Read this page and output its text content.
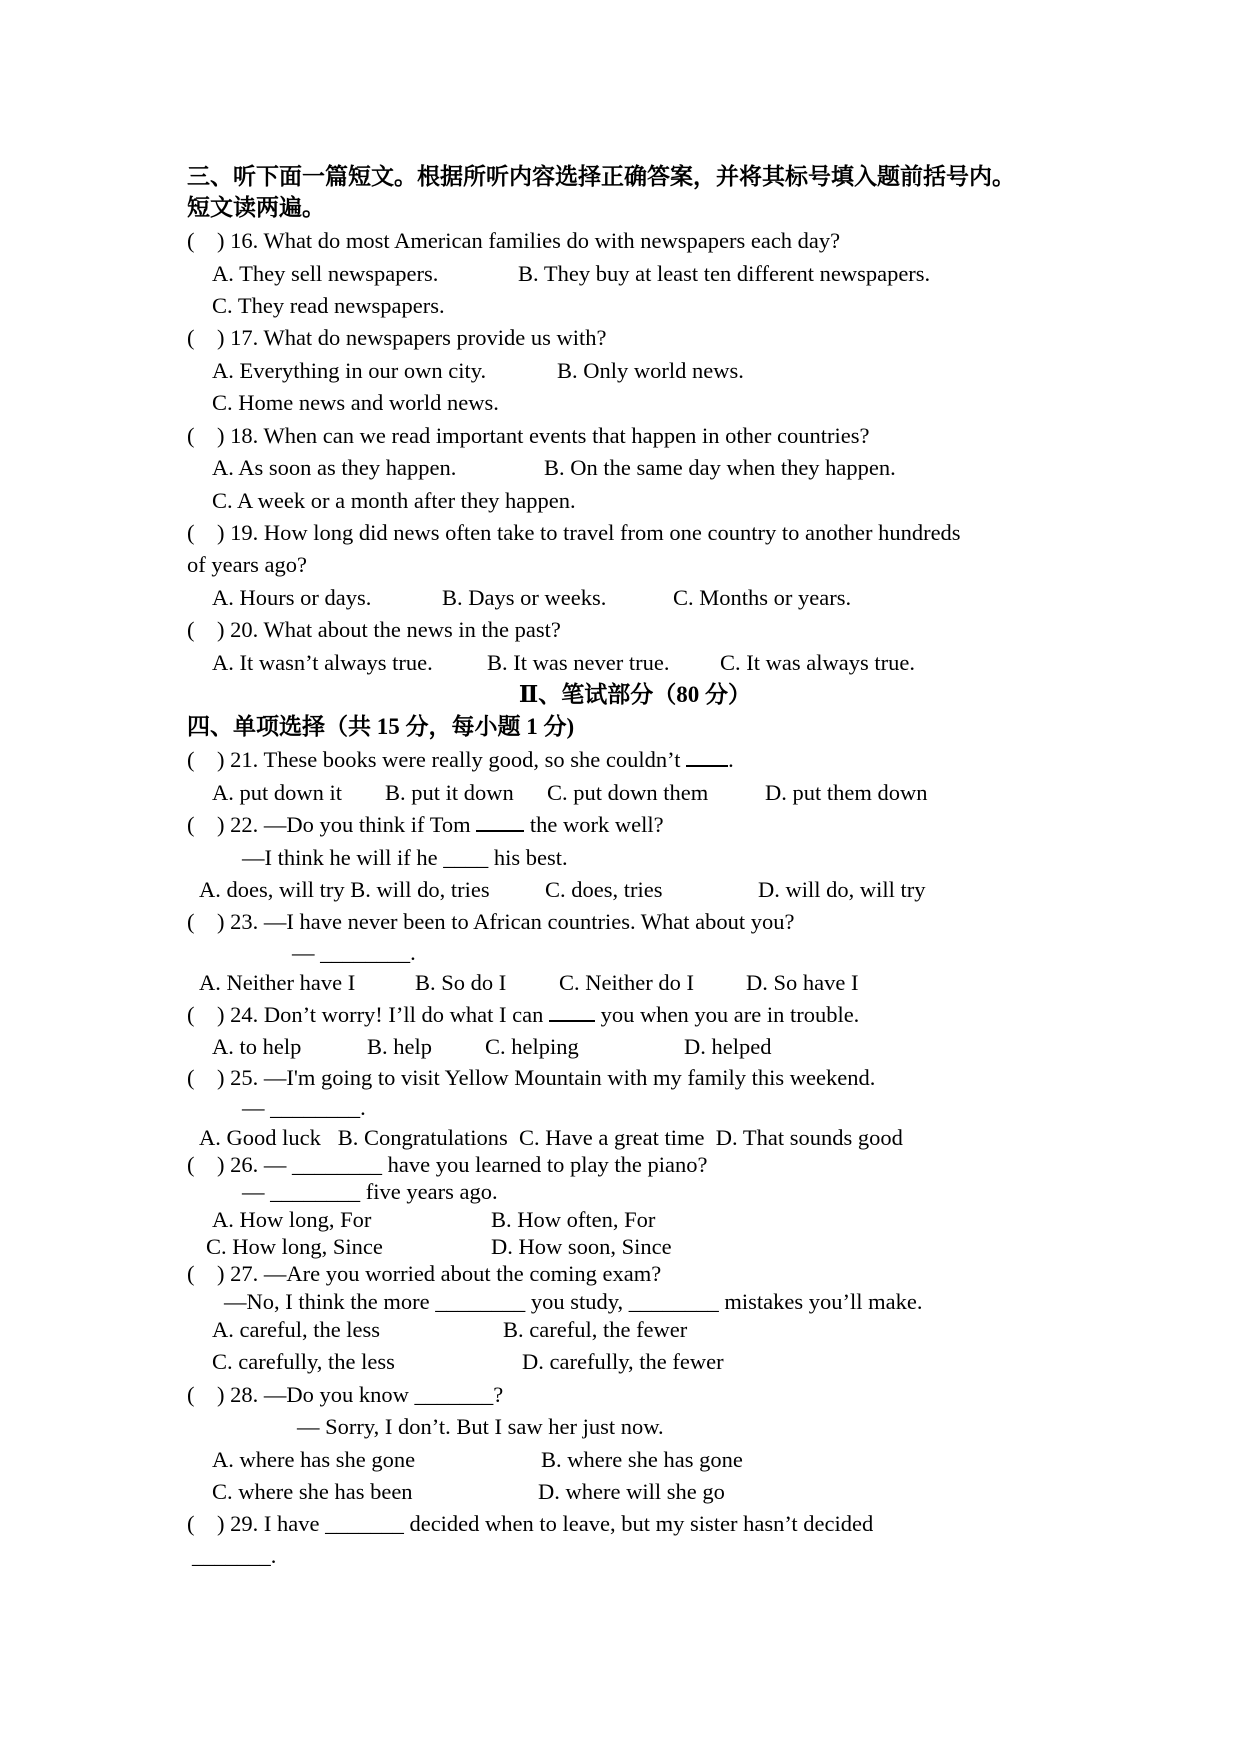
三、听下面一篇短文。根据所听内容选择正确答案，并将其标号填入题前括号内。
短文读两遍。
(    ) 16. What do most American families do with newspapers each day?
A. They sell newspapers.	B. They buy at least ten different newspapers.
C. They read newspapers.
(    ) 17. What do newspapers provide us with?
A. Everything in our own city.	B. Only world news.
C. Home news and world news.
(    ) 18. When can we read important events that happen in other countries?
A. As soon as they happen.	B. On the same day when they happen.
C. A week or a month after they happen.
(    ) 19. How long did news often take to travel from one country to another hundreds
of years ago?
A. Hours or days.	B. Days or weeks.	C. Months or years.
(    ) 20. What about the news in the past?
A. It wasn’t always true. B. It was never true. C. It was always true.
Ⅱ、笔试部分（80 分）
四、单项选择（共 15 分，每小题 1 分)
(    ) 21. These books were really good, so she couldn’t .
A. put down it B. put it down C. put down them	D. put them down
(    ) 22. —Do you think if Tom  the work well?
—I think he will if he ____ his best.
A. does, will try B. will do, tries C. does, tries	D. will do, will try
(    ) 23. —I have never been to African countries. What about you?
— ________.
A. Neither have I	B. So do I C. Neither do I D. So have I
(    ) 24. Don’t worry! I’ll do what I can  you when you are in trouble.
A. to help	B. help C. helping	D. helped
(    ) 25. —I'm going to visit Yellow Mountain with my family this weekend.
— ________.
A. Good luck   B. Congratulations  C. Have a great time  D. That sounds good
(    ) 26. — ________ have you learned to play the piano?
— ________ five years ago.
A. How long, For	B. How often, For
C. How long, Since	D. How soon, Since
(    ) 27. —Are you worried about the coming exam?
—No, I think the more ________ you study, ________ mistakes you’ll make.
A. careful, the less	B. careful, the fewer
C. carefully, the less	D. carefully, the fewer
(    ) 28. —Do you know _______?
— Sorry, I don’t. But I saw her just now.
A. where has she gone	B. where she has gone
C. where she has been	D. where will she go
(    ) 29. I have _______ decided when to leave, but my sister hasn’t decided
_______.
